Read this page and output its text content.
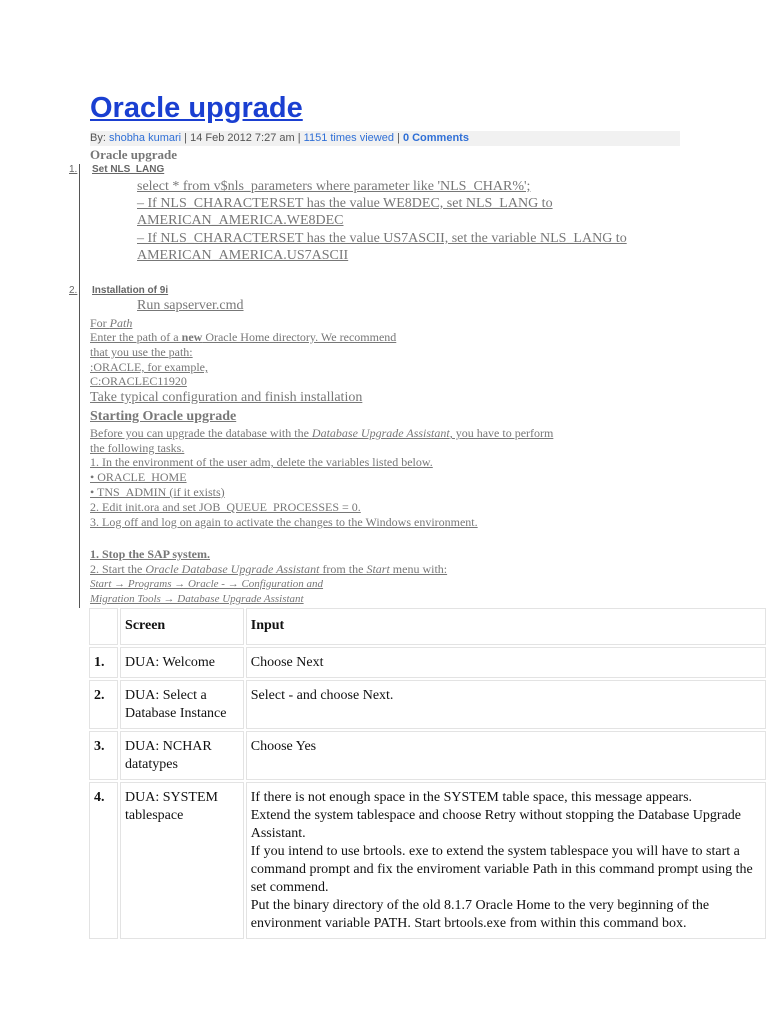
Oracle upgrade
By: shobha kumari | 14 Feb 2012 7:27 am | 1151 times viewed | 0 Comments
Oracle upgrade
1. Set NLS_LANG
select * from v$nls_parameters where parameter like 'NLS_CHAR%';
– If NLS_CHARACTERSET has the value WE8DEC, set NLS_LANG to
AMERICAN_AMERICA.WE8DEC
– If NLS_CHARACTERSET has the value US7ASCII, set the variable NLS_LANG to
AMERICAN_AMERICA.US7ASCII
2. Installation of 9i
Run sapserver.cmd
For Path
Enter the path of a new Oracle Home directory. We recommend
that you use the path:
:ORACLE, for example,
C:ORACLEC11920
Take typical configuration and finish installation
Starting Oracle upgrade
Before you can upgrade the database with the Database Upgrade Assistant, you have to perform
the following tasks.
1. In the environment of the user adm, delete the variables listed below.
• ORACLE_HOME
• TNS_ADMIN (if it exists)
2. Edit init.ora and set JOB_QUEUE_PROCESSES = 0.
3. Log off and log on again to activate the changes to the Windows environment.
1. Stop the SAP system.
2. Start the Oracle Database Upgrade Assistant from the Start menu with:
Start → Programs → Oracle - → Configuration and
Migration Tools → Database Upgrade Assistant
	Screen	Input
1.	DUA: Welcome	Choose Next
2.	DUA: Select a Database Instance	Select - and choose Next.
3.	DUA: NCHAR datatypes	Choose Yes
4.	DUA: SYSTEM tablespace	If there is not enough space in the SYSTEM table space, this message appears.
Extend the system tablespace and choose Retry without stopping the Database Upgrade Assistant.
If you intend to use brtools. exe to extend the system tablespace you will have to start a command prompt and fix the enviroment variable Path in this command prompt using the set commend.
Put the binary directory of the old 8.1.7 Oracle Home to the very beginning of the environment variable PATH. Start brtools.exe from within this command box.
